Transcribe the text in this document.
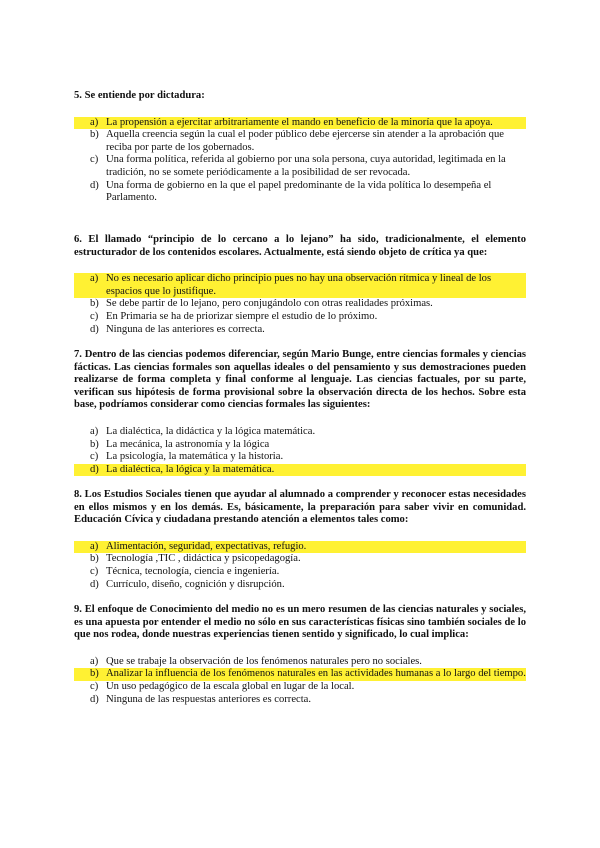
5. Se entiende por dictadura:

a) La propensión a ejercitar arbitrariamente el mando en beneficio de la minoría que la apoya.
b) Aquella creencia según la cual el poder público debe ejercerse sin atender a la aprobación que reciba por parte de los gobernados.
c) Una forma política, referida al gobierno por una sola persona, cuya autoridad, legitimada en la tradición, no se somete periódicamente a la posibilidad de ser revocada.
d) Una forma de gobierno en la que el papel predominante de la vida política lo desempeña el Parlamento.

6. El llamado “principio de lo cercano a lo lejano” ha sido, tradicionalmente, el elemento estructurador de los contenidos escolares. Actualmente, está siendo objeto de crítica ya que:

a) No es necesario aplicar dicho principio pues no hay una observación rítmica y lineal de los espacios que lo justifique.
b) Se debe partir de lo lejano, pero conjugándolo con otras realidades próximas.
c) En Primaria se ha de priorizar siempre el estudio de lo próximo.
d) Ninguna de las anteriores es correcta.

7. Dentro de las ciencias podemos diferenciar, según Mario Bunge, entre ciencias formales y ciencias fácticas. Las ciencias formales son aquellas ideales o del pensamiento y sus demostraciones pueden realizarse de forma completa y final conforme al lenguaje. Las ciencias factuales, por su parte, verifican sus hipótesis de forma provisional sobre la observación directa de los hechos. Sobre esta base, podríamos considerar como ciencias formales las siguientes:

a) La dialéctica, la didáctica y la lógica matemática.
b) La mecánica, la astronomía y la lógica
c) La psicología, la matemática y la historia.
d) La dialéctica, la lógica y la matemática.

8. Los Estudios Sociales tienen que ayudar al alumnado a comprender y reconocer estas necesidades en ellos mismos y en los demás. Es, básicamente, la preparación para saber vivir en comunidad. Educación Cívica y ciudadana prestando atención a elementos tales como:

a) Alimentación, seguridad, expectativas, refugio.
b) Tecnología ,TIC , didáctica y psicopedagogía.
c) Técnica, tecnología, ciencia e ingeniería.
d) Currículo, diseño, cognición y disrupción.

9. El enfoque de Conocimiento del medio no es un mero resumen de las ciencias naturales y sociales, es una apuesta por entender el medio no sólo en sus características físicas sino también sociales de lo que nos rodea, donde nuestras experiencias tienen sentido y significado, lo cual implica:

a) Que se trabaje la observación de los fenómenos naturales pero no sociales.
b) Analizar la influencia de los fenómenos naturales en las actividades humanas a lo largo del tiempo.
c) Un uso pedagógico de la escala global en lugar de la local.
d) Ninguna de las respuestas anteriores es correcta.
